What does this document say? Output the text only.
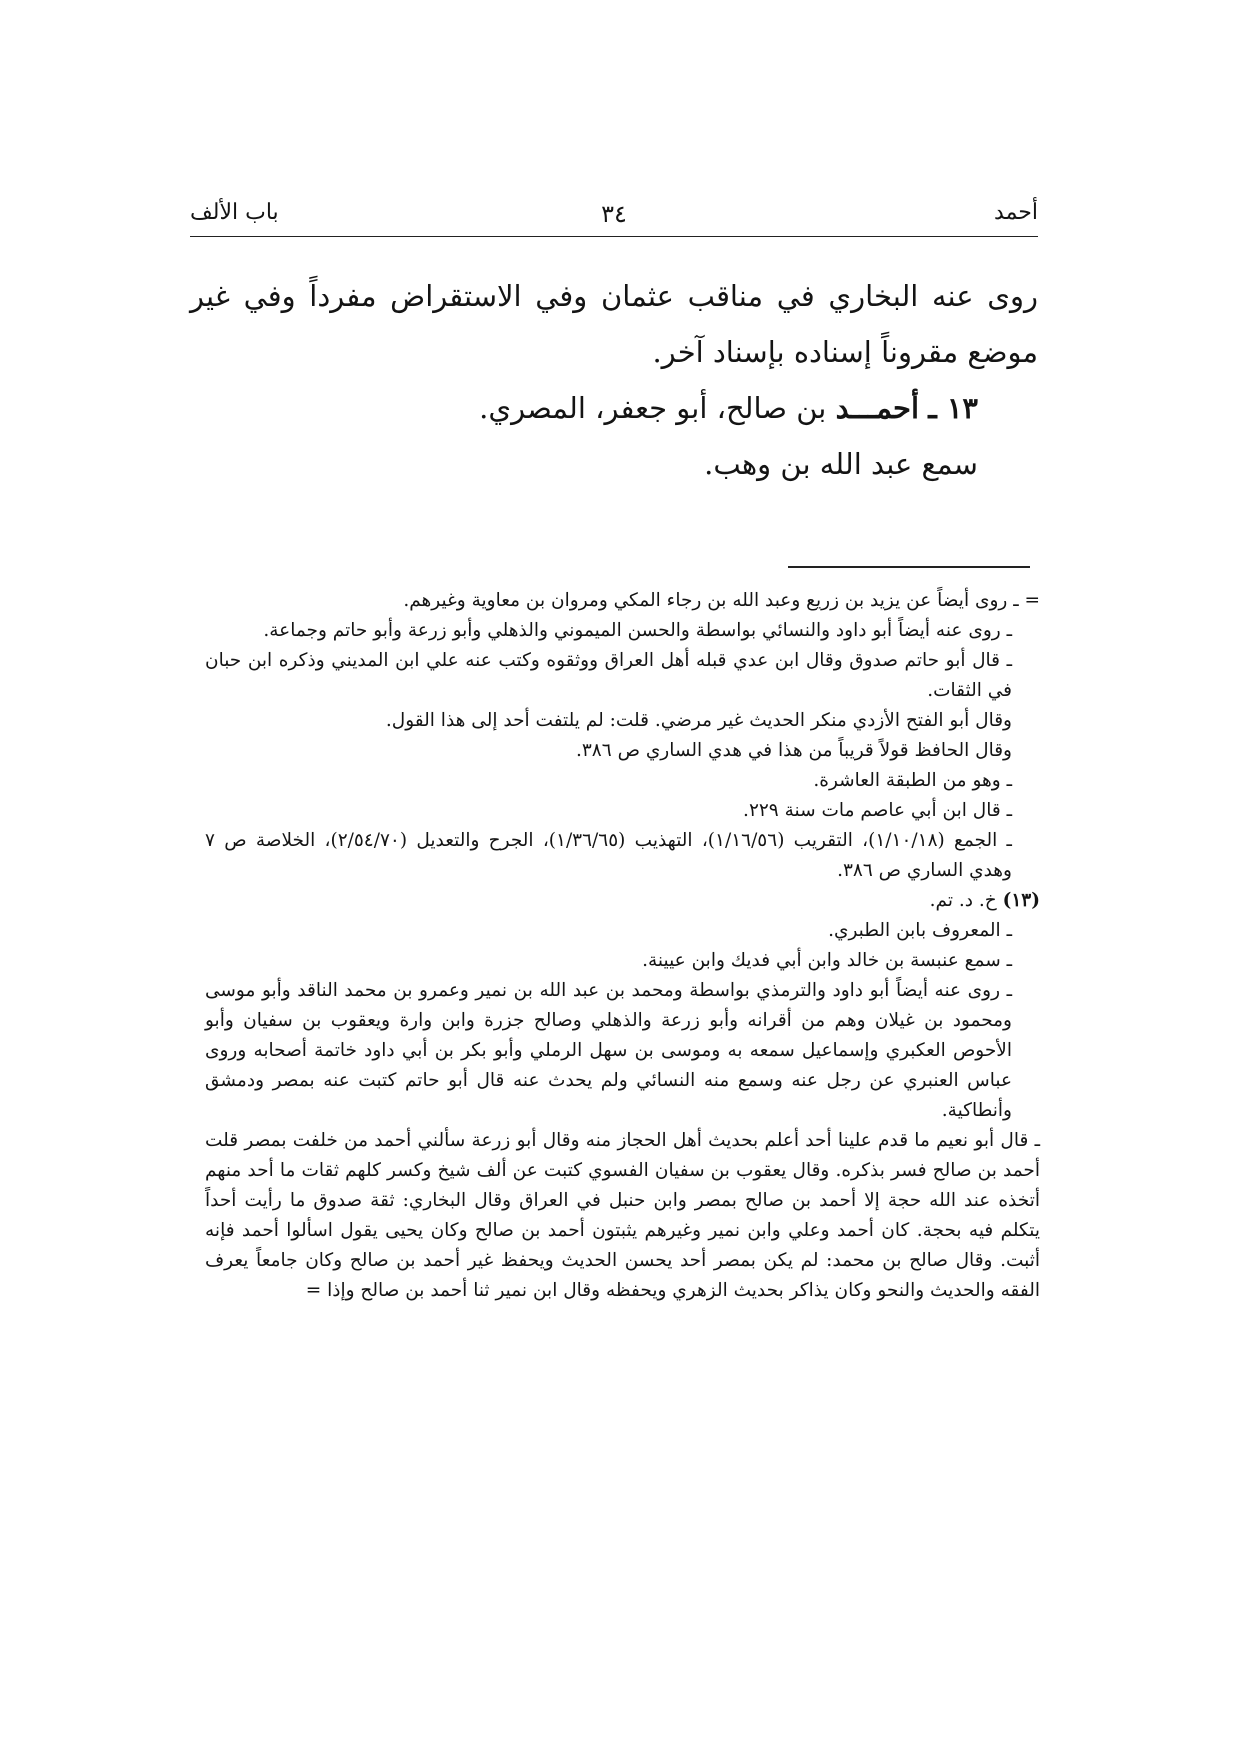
أحمد
٣٤
باب الألف

روى عنه البخاري في مناقب عثمان وفي الاستقراض مفرداً وفي غير موضع مقروناً إسناده بإسناد آخر.

١٣ ـ أحمـــد بن صالح، أبو جعفر، المصري.

سمع عبد الله بن وهب.

= ـ روى أيضاً عن يزيد بن زريع وعبد الله بن رجاء المكي ومروان بن معاوية وغيرهم.

ـ روى عنه أيضاً أبو داود والنسائي بواسطة والحسن الميموني والذهلي وأبو زرعة وأبو حاتم وجماعة.

ـ قال أبو حاتم صدوق وقال ابن عدي قبله أهل العراق ووثقوه وكتب عنه علي ابن المديني وذكره ابن حبان في الثقات.

وقال أبو الفتح الأزدي منكر الحديث غير مرضي. قلت: لم يلتفت أحد إلى هذا القول.

وقال الحافظ قولاً قريباً من هذا في هدي الساري ص ٣٨٦.

ـ وهو من الطبقة العاشرة.

ـ قال ابن أبي عاصم مات سنة ٢٢٩.

ـ الجمع (١/١٠/١٨)، التقريب (١/١٦/٥٦)، التهذيب (١/٣٦/٦٥)، الجرح والتعديل (٢/٥٤/٧٠)، الخلاصة ص ٧ وهدي الساري ص ٣٨٦.

(١٣) خ. د. تم.

ـ المعروف بابن الطبري.

ـ سمع عنبسة بن خالد وابن أبي فديك وابن عيينة.

ـ روى عنه أيضاً أبو داود والترمذي بواسطة ومحمد بن عبد الله بن نمير وعمرو بن محمد الناقد وأبو موسى ومحمود بن غيلان وهم من أقرانه وأبو زرعة والذهلي وصالح جزرة وابن وارة ويعقوب بن سفيان وأبو الأحوص العكبري وإسماعيل سمعه به وموسى بن سهل الرملي وأبو بكر بن أبي داود خاتمة أصحابه وروى عباس العنبري عن رجل عنه وسمع منه النسائي ولم يحدث عنه قال أبو حاتم كتبت عنه بمصر ودمشق وأنطاكية.

ـ قال أبو نعيم ما قدم علينا أحد أعلم بحديث أهل الحجاز منه وقال أبو زرعة سألني أحمد من خلفت بمصر قلت أحمد بن صالح فسر بذكره. وقال يعقوب بن سفيان الفسوي كتبت عن ألف شيخ وكسر كلهم ثقات ما أحد منهم أتخذه عند الله حجة إلا أحمد بن صالح بمصر وابن حنبل في العراق وقال البخاري: ثقة صدوق ما رأيت أحداً يتكلم فيه بحجة. كان أحمد وعلي وابن نمير وغيرهم يثبتون أحمد بن صالح وكان يحيى يقول اسألوا أحمد فإنه أثبت. وقال صالح بن محمد: لم يكن بمصر أحد يحسن الحديث ويحفظ غير أحمد بن صالح وكان جامعاً يعرف الفقه والحديث والنحو وكان يذاكر بحديث الزهري ويحفظه وقال ابن نمير ثنا أحمد بن صالح وإذا =
